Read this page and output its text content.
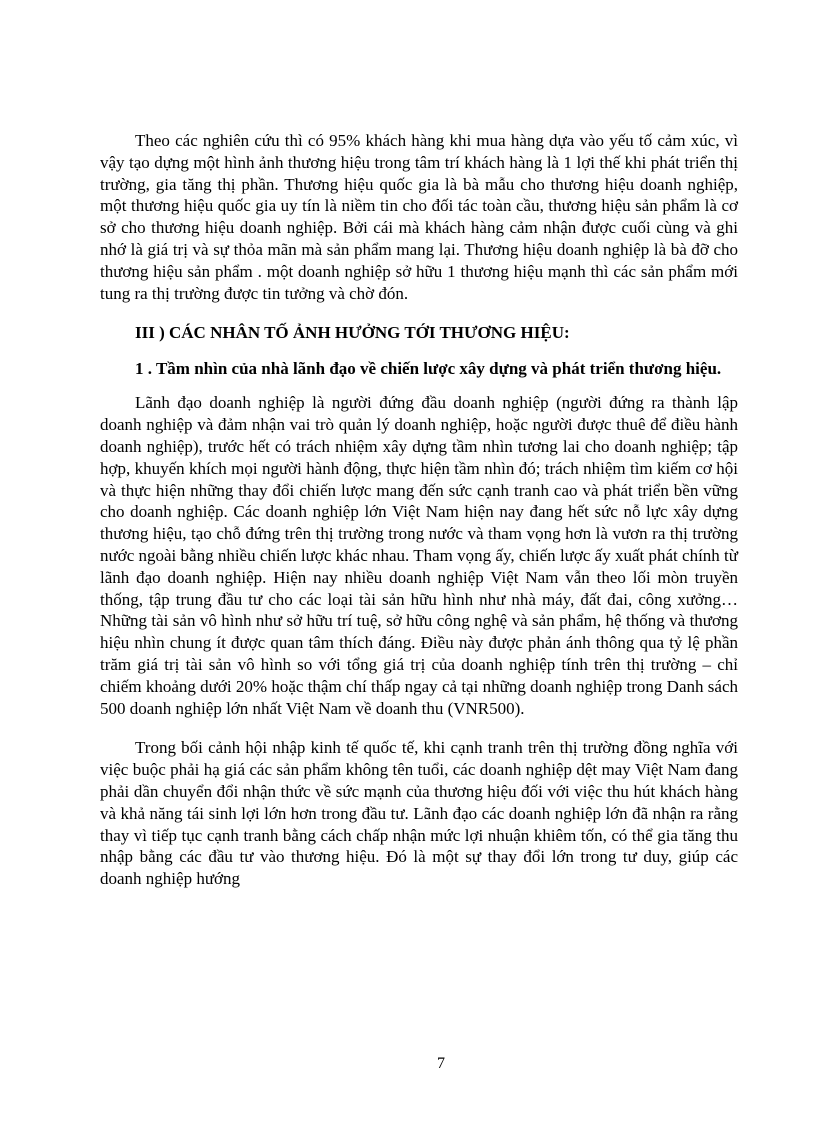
Theo các nghiên cứu thì có 95% khách hàng khi mua hàng dựa vào yếu tố cảm xúc, vì vậy tạo dựng một hình ảnh thương hiệu trong tâm trí khách hàng là 1 lợi thế khi phát triển thị trường, gia tăng thị phần. Thương hiệu quốc gia là bà mẫu cho thương hiệu doanh nghiệp, một thương hiệu quốc gia uy tín là niềm tin cho đối tác toàn cầu, thương hiệu sản phẩm là cơ sở cho thương hiệu doanh nghiệp. Bởi cái mà khách hàng cảm nhận được cuối cùng và ghi nhớ là giá trị và sự thỏa mãn mà sản phẩm mang lại. Thương hiệu doanh nghiệp là bà đỡ cho thương hiệu sản phẩm . một doanh nghiệp sở hữu 1 thương hiệu mạnh thì các sản phẩm mới tung ra thị trường được tin tưởng và chờ đón.

III ) CÁC NHÂN TỐ ẢNH HƯỞNG TỚI THƯƠNG HIỆU:

1 . Tầm nhìn của nhà lãnh đạo về chiến lược xây dựng và phát triển thương hiệu.

Lãnh đạo doanh nghiệp là người đứng đầu doanh nghiệp (người đứng ra thành lập doanh nghiệp và đảm nhận vai trò quản lý doanh nghiệp, hoặc người được thuê để điều hành doanh nghiệp), trước hết có trách nhiệm xây dựng tầm nhìn tương lai cho doanh nghiệp; tập hợp, khuyến khích mọi người hành động, thực hiện tầm nhìn đó; trách nhiệm tìm kiếm cơ hội và thực hiện những thay đổi chiến lược mang đến sức cạnh tranh cao và phát triển bền vững cho doanh nghiệp. Các doanh nghiệp lớn Việt Nam hiện nay đang hết sức nỗ lực xây dựng thương hiệu, tạo chỗ đứng trên thị trường trong nước và tham vọng hơn là vươn ra thị trường nước ngoài bằng nhiều chiến lược khác nhau. Tham vọng ấy, chiến lược ấy xuất phát chính từ lãnh đạo doanh nghiệp. Hiện nay nhiều doanh nghiệp Việt Nam vẫn theo lối mòn truyền thống, tập trung đầu tư cho các loại tài sản hữu hình như nhà máy, đất đai, công xưởng…Những tài sản vô hình như sở hữu trí tuệ, sở hữu công nghệ và sản phẩm, hệ thống và thương hiệu nhìn chung ít được quan tâm thích đáng. Điều này được phản ánh thông qua tỷ lệ phần trăm giá trị tài sản vô hình so với tổng giá trị của doanh nghiệp tính trên thị trường – chỉ chiếm khoảng dưới 20% hoặc thậm chí thấp ngay cả tại những doanh nghiệp trong Danh sách 500 doanh nghiệp lớn nhất Việt Nam về doanh thu (VNR500).

Trong bối cảnh hội nhập kinh tế quốc tế, khi cạnh tranh trên thị trường đồng nghĩa với việc buộc phải hạ giá các sản phẩm không tên tuổi, các doanh nghiệp dệt may Việt Nam đang phải dần chuyển đổi nhận thức về sức mạnh của thương hiệu đối với việc thu hút khách hàng và khả năng tái sinh lợi lớn hơn trong đầu tư. Lãnh đạo các doanh nghiệp lớn đã nhận ra rằng thay vì tiếp tục cạnh tranh bằng cách chấp nhận mức lợi nhuận khiêm tốn, có thể gia tăng thu nhập bằng các đầu tư vào thương hiệu. Đó là một sự thay đổi lớn trong tư duy, giúp các doanh nghiệp hướng

7
